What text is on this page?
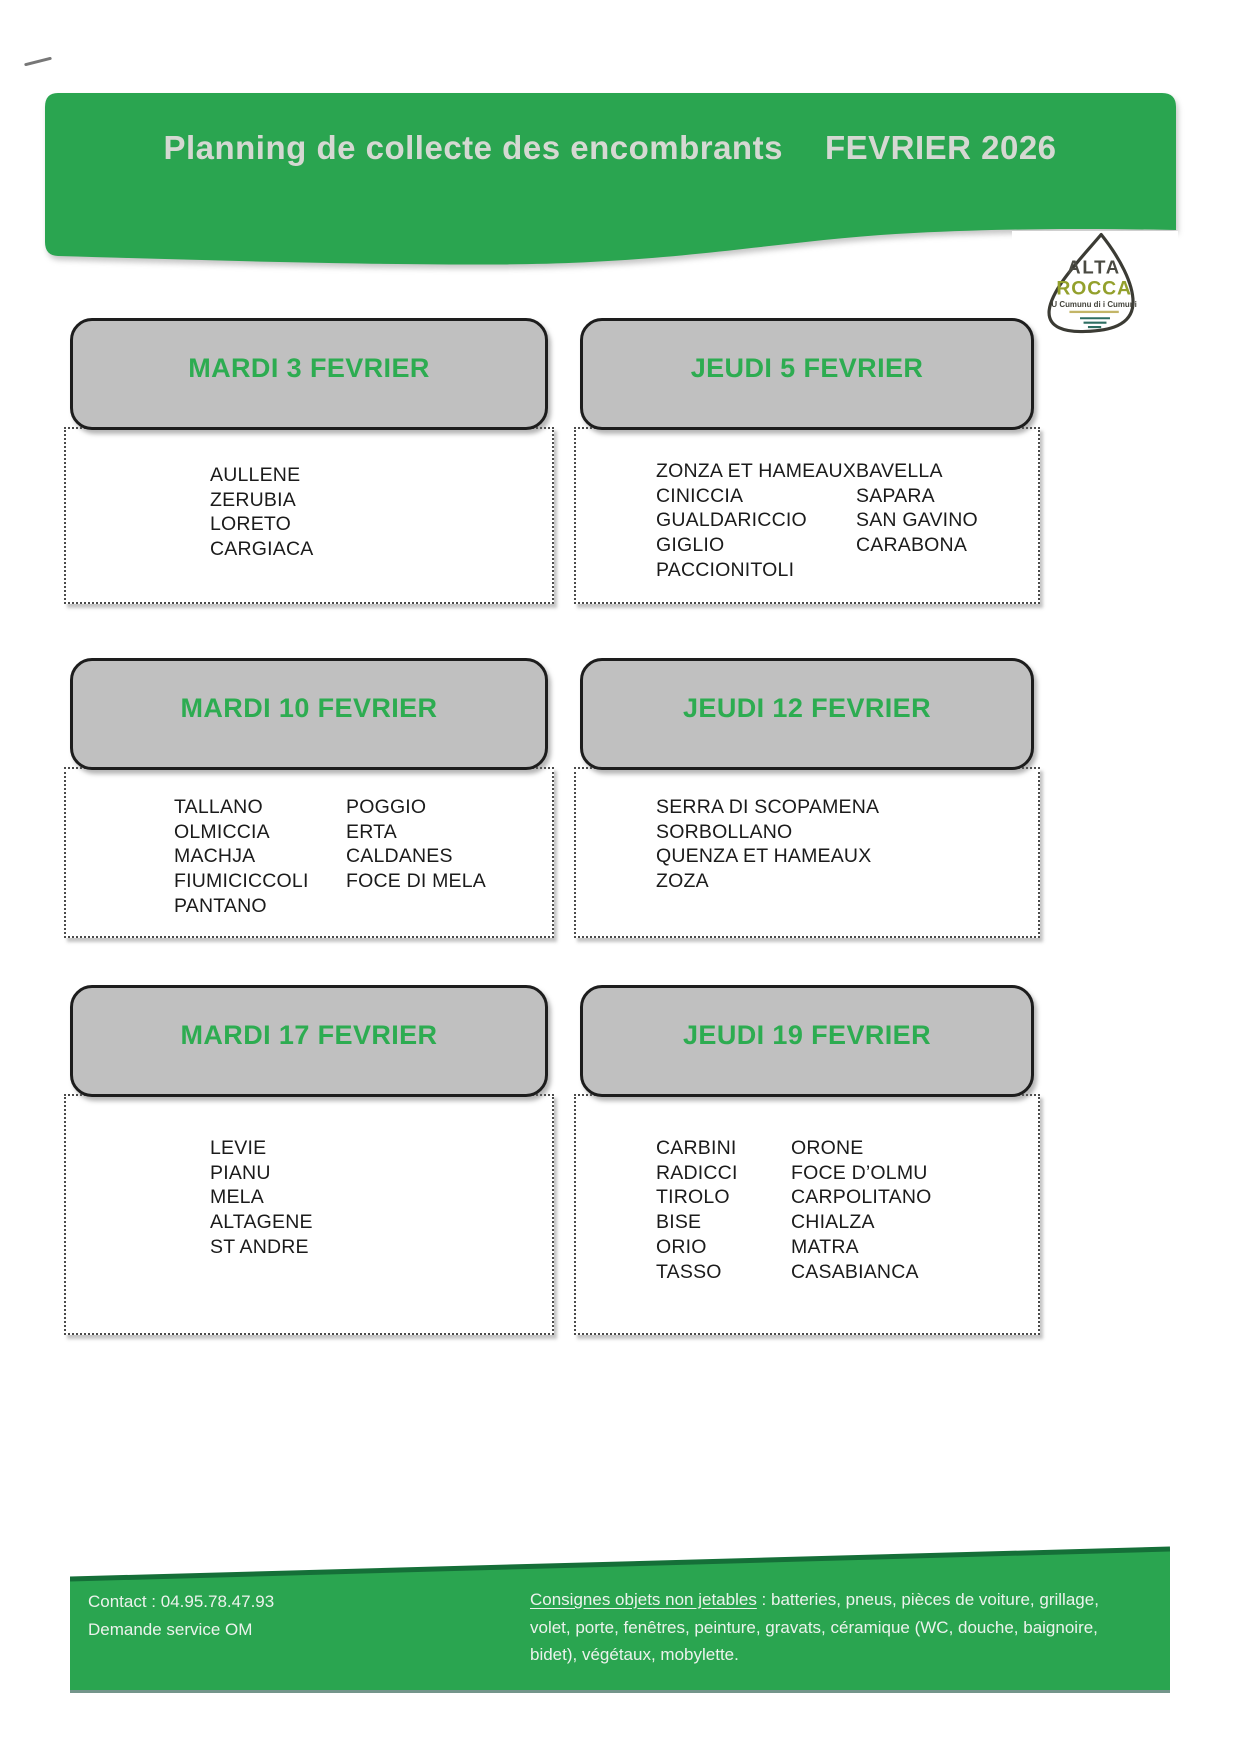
Planning de collecte des encombrants FEVRIER 2026
ALTA
ROCCA
U Cumunu di i Cumuni
MARDI 3 FEVRIER
AULLENE
ZERUBIA
LORETO
CARGIACA
JEUDI 5 FEVRIER
ZONZA ET HAMEAUX
CINICCIA
GUALDARICCIO
GIGLIO
PACCIONITOLI
BAVELLA
SAPARA
SAN GAVINO
CARABONA
MARDI 10 FEVRIER
TALLANO
OLMICCIA
MACHJA
FIUMICICCOLI
PANTANO
POGGIO
ERTA
CALDANES
FOCE DI MELA
JEUDI 12 FEVRIER
SERRA DI SCOPAMENA
SORBOLLANO
QUENZA ET HAMEAUX
ZOZA
MARDI 17 FEVRIER
LEVIE
PIANU
MELA
ALTAGENE
ST ANDRE
JEUDI 19 FEVRIER
CARBINI
RADICCI
TIROLO
BISE
ORIO
TASSO
ORONE
FOCE D’OLMU
CARPOLITANO
CHIALZA
MATRA
CASABIANCA

Contact : 04.95.78.47.93

Demande service OM

Consignes objets non jetables : batteries, pneus, pièces de voiture, grillage,

volet, porte, fenêtres, peinture, gravats, céramique (WC, douche, baignoire,

bidet), végétaux, mobylette.
